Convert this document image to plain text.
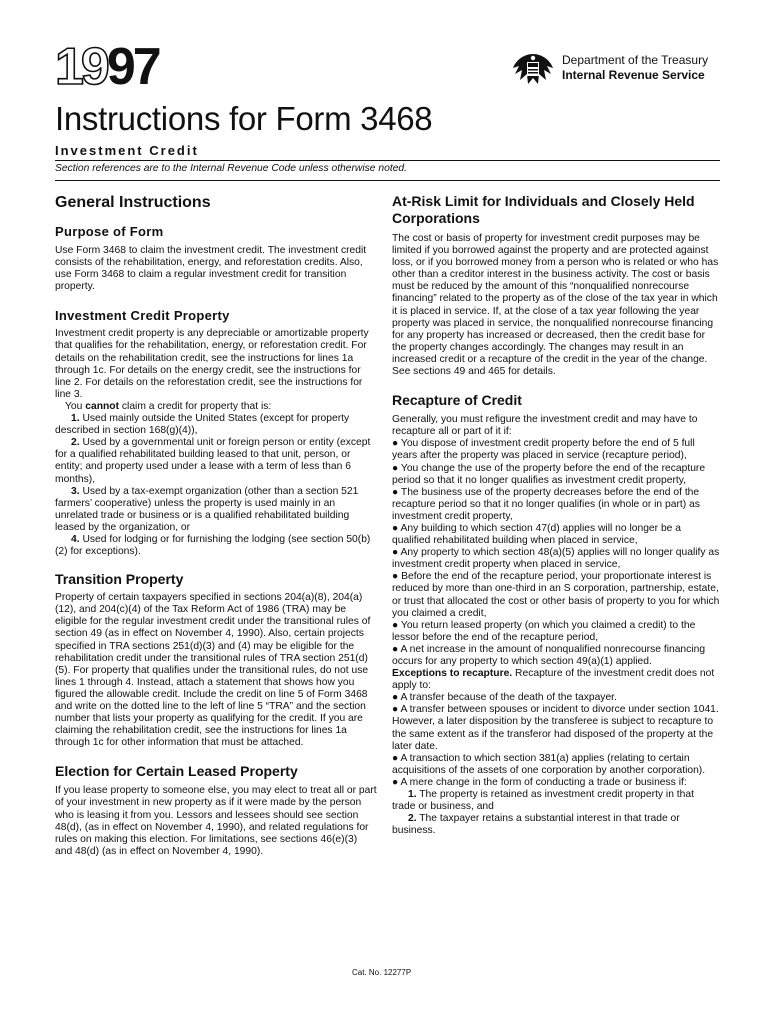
19 97	Department of the Treasury
Internal Revenue Service
Instructions for Form 3468
Investment Credit
Section references are to the Internal Revenue Code unless otherwise noted.

General Instructions

Purpose of Form

Use Form 3468 to claim the investment credit. The investment credit consists of the rehabilitation, energy, and reforestation credits. Also, use Form 3468 to claim a regular investment credit for transition property.

Investment Credit Property

Investment credit property is any depreciable or amortizable property that qualifies for the rehabilitation, energy, or reforestation credit. For details on the rehabilitation credit, see the instructions for lines 1a through 1c. For details on the energy credit, see the instructions for line 2. For details on the reforestation credit, see the instructions for line 3.

You cannot claim a credit for property that is:

1. Used mainly outside the United States (except for property described in section 168(g)(4)),

2. Used by a governmental unit or foreign person or entity (except for a qualified rehabilitated building leased to that unit, person, or entity; and property used under a lease with a term of less than 6 months),

3. Used by a tax-exempt organization (other than a section 521 farmers’ cooperative) unless the property is used mainly in an unrelated trade or business or is a qualified rehabilitated building leased by the organization, or

4. Used for lodging or for furnishing the lodging (see section 50(b)(2) for exceptions).

Transition Property

Property of certain taxpayers specified in sections 204(a)(8), 204(a)(12), and 204(c)(4) of the Tax Reform Act of 1986 (TRA) may be eligible for the regular investment credit under the transitional rules of section 49 (as in effect on November 4, 1990). Also, certain projects specified in TRA sections 251(d)(3) and (4) may be eligible for the rehabilitation credit under the transitional rules of TRA section 251(d)(5). For property that qualifies under the transitional rules, do not use lines 1 through 4. Instead, attach a statement that shows how you figured the allowable credit. Include the credit on line 5 of Form 3468 and write on the dotted line to the left of line 5 “TRA” and the section number that lists your property as qualifying for the credit. If you are claiming the rehabilitation credit, see the instructions for lines 1a through 1c for other information that must be attached.

Election for Certain Leased Property

If you lease property to someone else, you may elect to treat all or part of your investment in new property as if it were made by the person who is leasing it from you. Lessors and lessees should see section 48(d), (as in effect on November 4, 1990), and related regulations for rules on making this election. For limitations, see sections 46(e)(3) and 48(d) (as in effect on November 4, 1990).

At-Risk Limit for Individuals and Closely Held Corporations

The cost or basis of property for investment credit purposes may be limited if you borrowed against the property and are protected against loss, or if you borrowed money from a person who is related or who has other than a creditor interest in the business activity. The cost or basis must be reduced by the amount of this “nonqualified nonrecourse financing” related to the property as of the close of the tax year in which it is placed in service. If, at the close of a tax year following the year property was placed in service, the nonqualified nonrecourse financing for any property has increased or decreased, then the credit base for the property changes accordingly. The changes may result in an increased credit or a recapture of the credit in the year of the change. See sections 49 and 465 for details.

Recapture of Credit

Generally, you must refigure the investment credit and may have to recapture all or part of it if:

● You dispose of investment credit property before the end of 5 full years after the property was placed in service (recapture period),

● You change the use of the property before the end of the recapture period so that it no longer qualifies as investment credit property,

● The business use of the property decreases before the end of the recapture period so that it no longer qualifies (in whole or in part) as investment credit property,

● Any building to which section 47(d) applies will no longer be a qualified rehabilitated building when placed in service,

● Any property to which section 48(a)(5) applies will no longer qualify as investment credit property when placed in service,

● Before the end of the recapture period, your proportionate interest is reduced by more than one-third in an S corporation, partnership, estate, or trust that allocated the cost or other basis of property to you for which you claimed a credit,

● You return leased property (on which you claimed a credit) to the lessor before the end of the recapture period,

● A net increase in the amount of nonqualified nonrecourse financing occurs for any property to which section 49(a)(1) applied.

Exceptions to recapture. Recapture of the investment credit does not apply to:

● A transfer because of the death of the taxpayer.

● A transfer between spouses or incident to divorce under section 1041. However, a later disposition by the transferee is subject to recapture to the same extent as if the transferor had disposed of the property at the later date.

● A transaction to which section 381(a) applies (relating to certain acquisitions of the assets of one corporation by another corporation).

● A mere change in the form of conducting a trade or business if:

1. The property is retained as investment credit property in that trade or business, and

2. The taxpayer retains a substantial interest in that trade or business.

Cat. No. 12277P
